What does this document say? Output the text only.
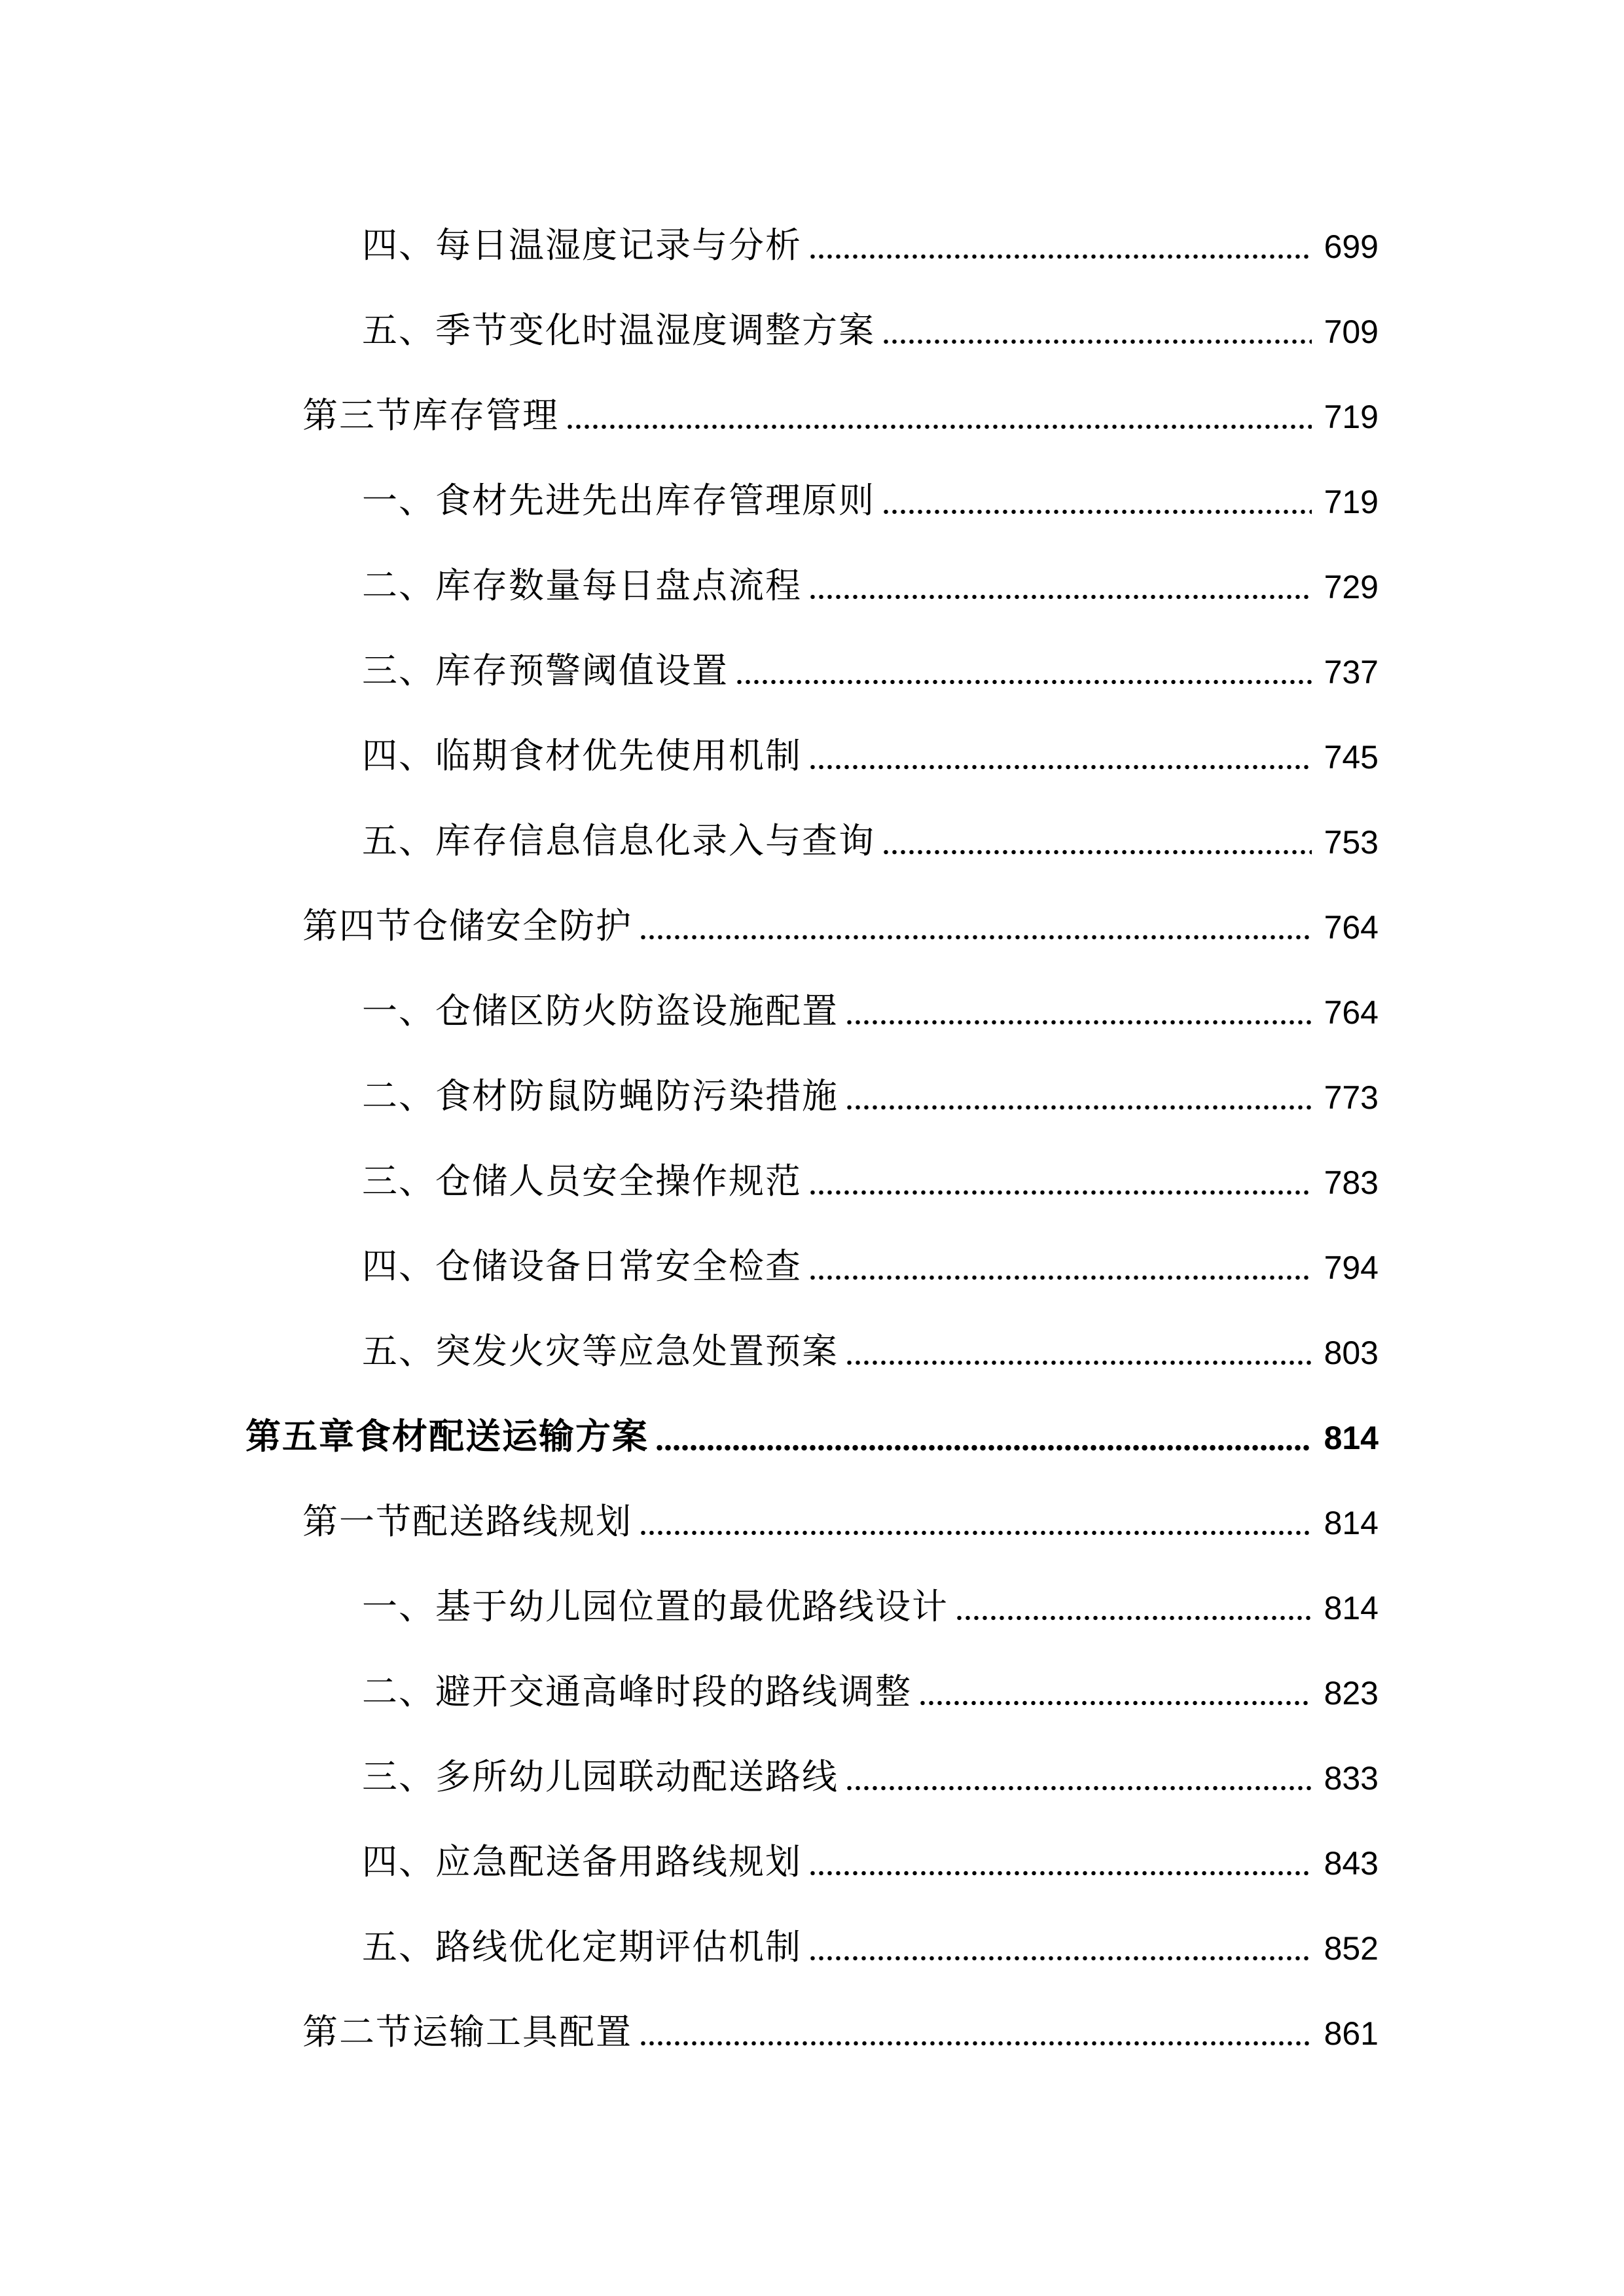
四、每日温湿度记录与分析	699
五、季节变化时温湿度调整方案	709
第三节库存管理	719
一、食材先进先出库存管理原则	719
二、库存数量每日盘点流程	729
三、库存预警阈值设置	737
四、临期食材优先使用机制	745
五、库存信息信息化录入与查询	753
第四节仓储安全防护	764
一、仓储区防火防盗设施配置	764
二、食材防鼠防蝇防污染措施	773
三、仓储人员安全操作规范	783
四、仓储设备日常安全检查	794
五、突发火灾等应急处置预案	803
第五章食材配送运输方案	814
第一节配送路线规划	814
一、基于幼儿园位置的最优路线设计	814
二、避开交通高峰时段的路线调整	823
三、多所幼儿园联动配送路线	833
四、应急配送备用路线规划	843
五、路线优化定期评估机制	852
第二节运输工具配置	861
